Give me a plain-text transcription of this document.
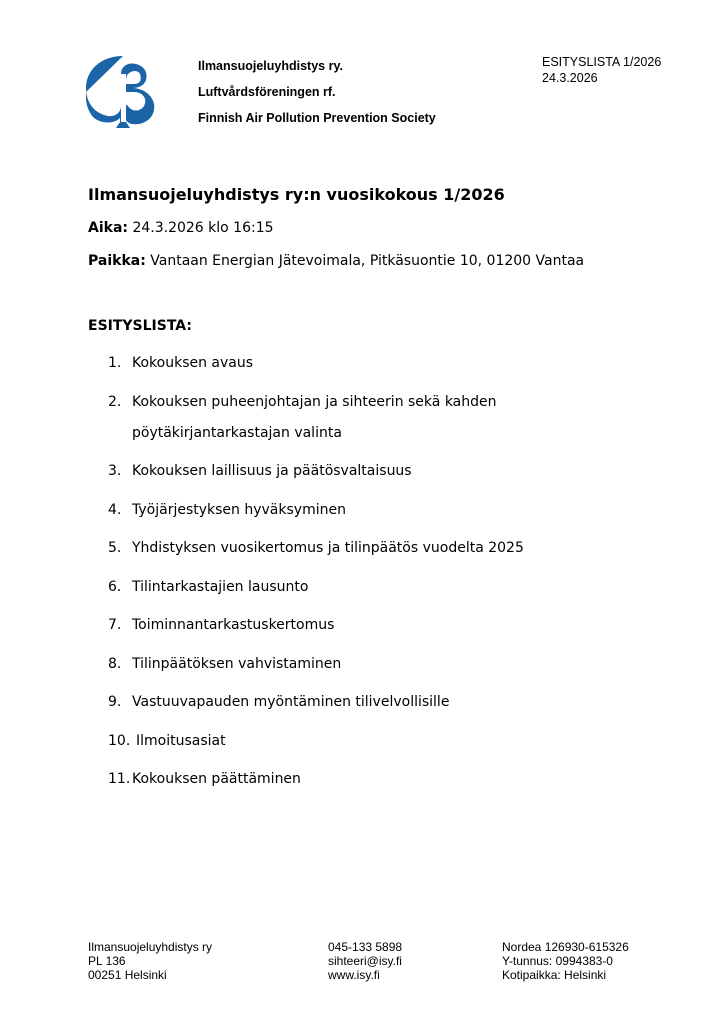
Ilmansuojeluyhdistys ry.
Luftvårdsföreningen rf.
Finnish Air Pollution Prevention Society
ESITYSLISTA 1/2026
24.3.2026
Ilmansuojeluyhdistys ry:n vuosikokous 1/2026
Aika: 24.3.2026 klo 16:15
Paikka: Vantaan Energian Jätevoimala, Pitkäsuontie 10, 01200 Vantaa
ESITYSLISTA:
1. Kokouksen avaus
2. Kokouksen puheenjohtajan ja sihteerin sekä kahden pöytäkirjantarkastajan valinta
3. Kokouksen laillisuus ja päätösvaltaisuus
4. Työjärjestyksen hyväksyminen
5. Yhdistyksen vuosikertomus ja tilinpäätös vuodelta 2025
6. Tilintarkastajien lausunto
7. Toiminnantarkastuskertomus
8. Tilinpäätöksen vahvistaminen
9. Vastuuvapauden myöntäminen tilivelvollisille
10. Ilmoitusasiat
11. Kokouksen päättäminen
Ilmansuojeluyhdistys ry
PL 136
00251 Helsinki
045-133 5898
sihteeri@isy.fi
www.isy.fi
Nordea 126930-615326
Y-tunnus: 0994383-0
Kotipaikka: Helsinki
